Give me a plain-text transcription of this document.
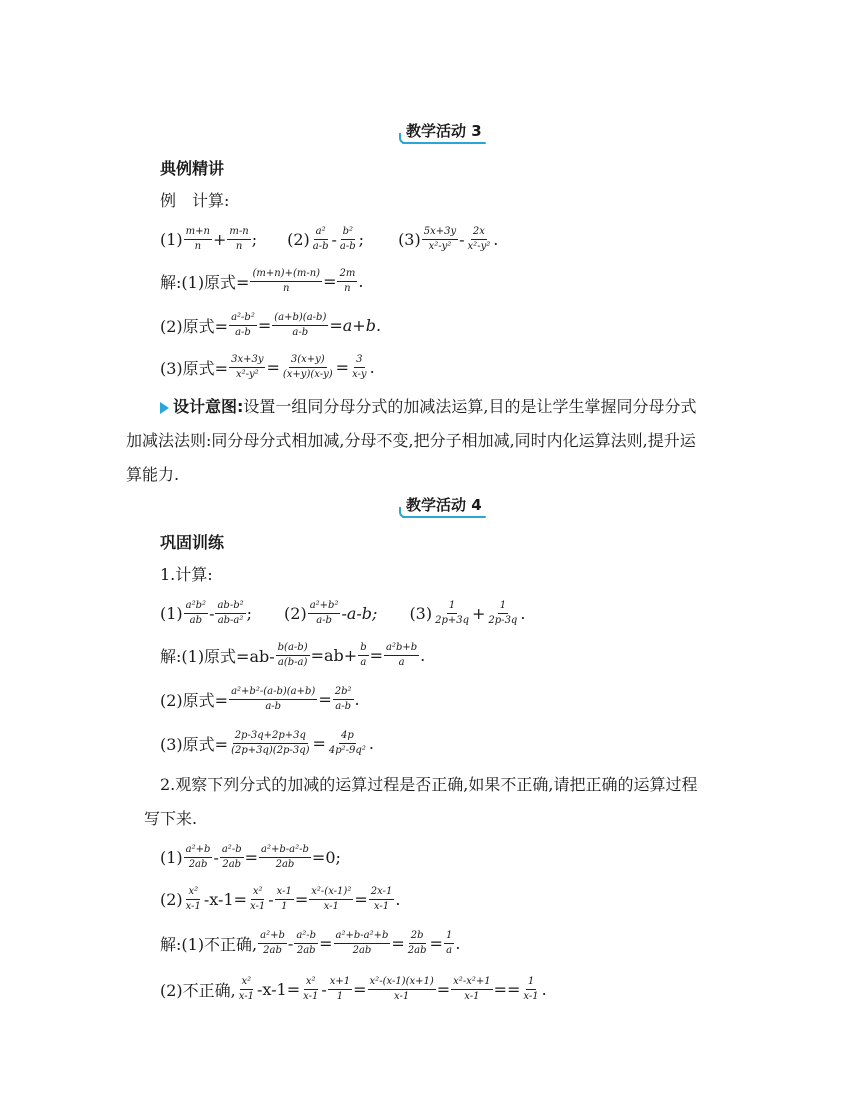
教学活动 3
典例精讲
例　计算:
$(1) \frac{m+n}{n} + \frac{m-n}{n}$ ; $(2) \frac{\text{a²}}{a-b} - \frac{\text{b²}}{a-b}$ ; $(3) \frac{5x+3y}{\text{x²-y²}} - \frac{2x}{\text{x²-y²}}$ .
解:(1)原式= $\frac{(m+n)+(m-n)}{n} = \frac{2m}{n}$ .
(2)原式= $\frac{\text{a²-b²}}{a-b} = \frac{(a+b)(a-b)}{a-b} =a+b$.
(3)原式= $\frac{3x+3y}{\text{x²-y²}} = \frac{3(x+y)}{(x+y)(x-y)} = \frac{3}{x-y}$ .
设计意图:设置一组同分母分式的加减法运算,目的是让学生掌握同分母分式
加减法法则:同分母分式相加减,分母不变,把分子相加减,同时内化运算法则,提升运
算能力.
教学活动 4
巩固训练
1.计算:
$(1) \frac{\text{a²b²}}{ab} - \frac{\text{ab-b²}}{\text{ab-a²}}$ ; $(2) \frac{\text{a²+b²}}{a-b} -a-b$; $(3) \frac{1}{2p+3q} + \frac{1}{2p-3q}$ .
解:(1)原式$=ab- \frac{b(a-b)}{a(b-a)} =ab+ \frac{b}{a} = \frac{\text{a²b+b}}{a}$ .
(2)原式= $\frac{\text{a²+b²-(a-b)(a+b)}}{a-b} = \frac{\text{2b²}}{a-b}$ .
(3)原式= $\frac{2p-3q+2p+3q}{(2p+3q)(2p-3q)} = \frac{4p}{\text{4p²-9q²}}$ .
2.观察下列分式的加减的运算过程是否正确,如果不正确,请把正确的运算过程
写下来.
$(1) \frac{\text{a²+b}}{2ab} - \frac{\text{a²-b}}{2ab} = \frac{\text{a²+b-a²-b}}{2ab} =0$;
$(2) \frac{\text{x²}}{x-1} -x-1= \frac{\text{x²}}{x-1} - \frac{x-1}{1} = \frac{\text{x²-(x-1)²}}{x-1} = \frac{2x-1}{x-1}$ .
解:(1)不正确, $\frac{\text{a²+b}}{2ab} - \frac{\text{a²-b}}{2ab} = \frac{\text{a²+b-a²+b}}{2ab} = \frac{2b}{2ab} = \frac{1}{a}$ .
(2)不正确, $\frac{\text{x²}}{x-1} -x-1= \frac{\text{x²}}{x-1} - \frac{x+1}{1} = \frac{\text{x²-(x-1)(x+1)}}{x-1} = \frac{\text{x²-x²+1}}{x-1} == \frac{1}{x-1}$ .
